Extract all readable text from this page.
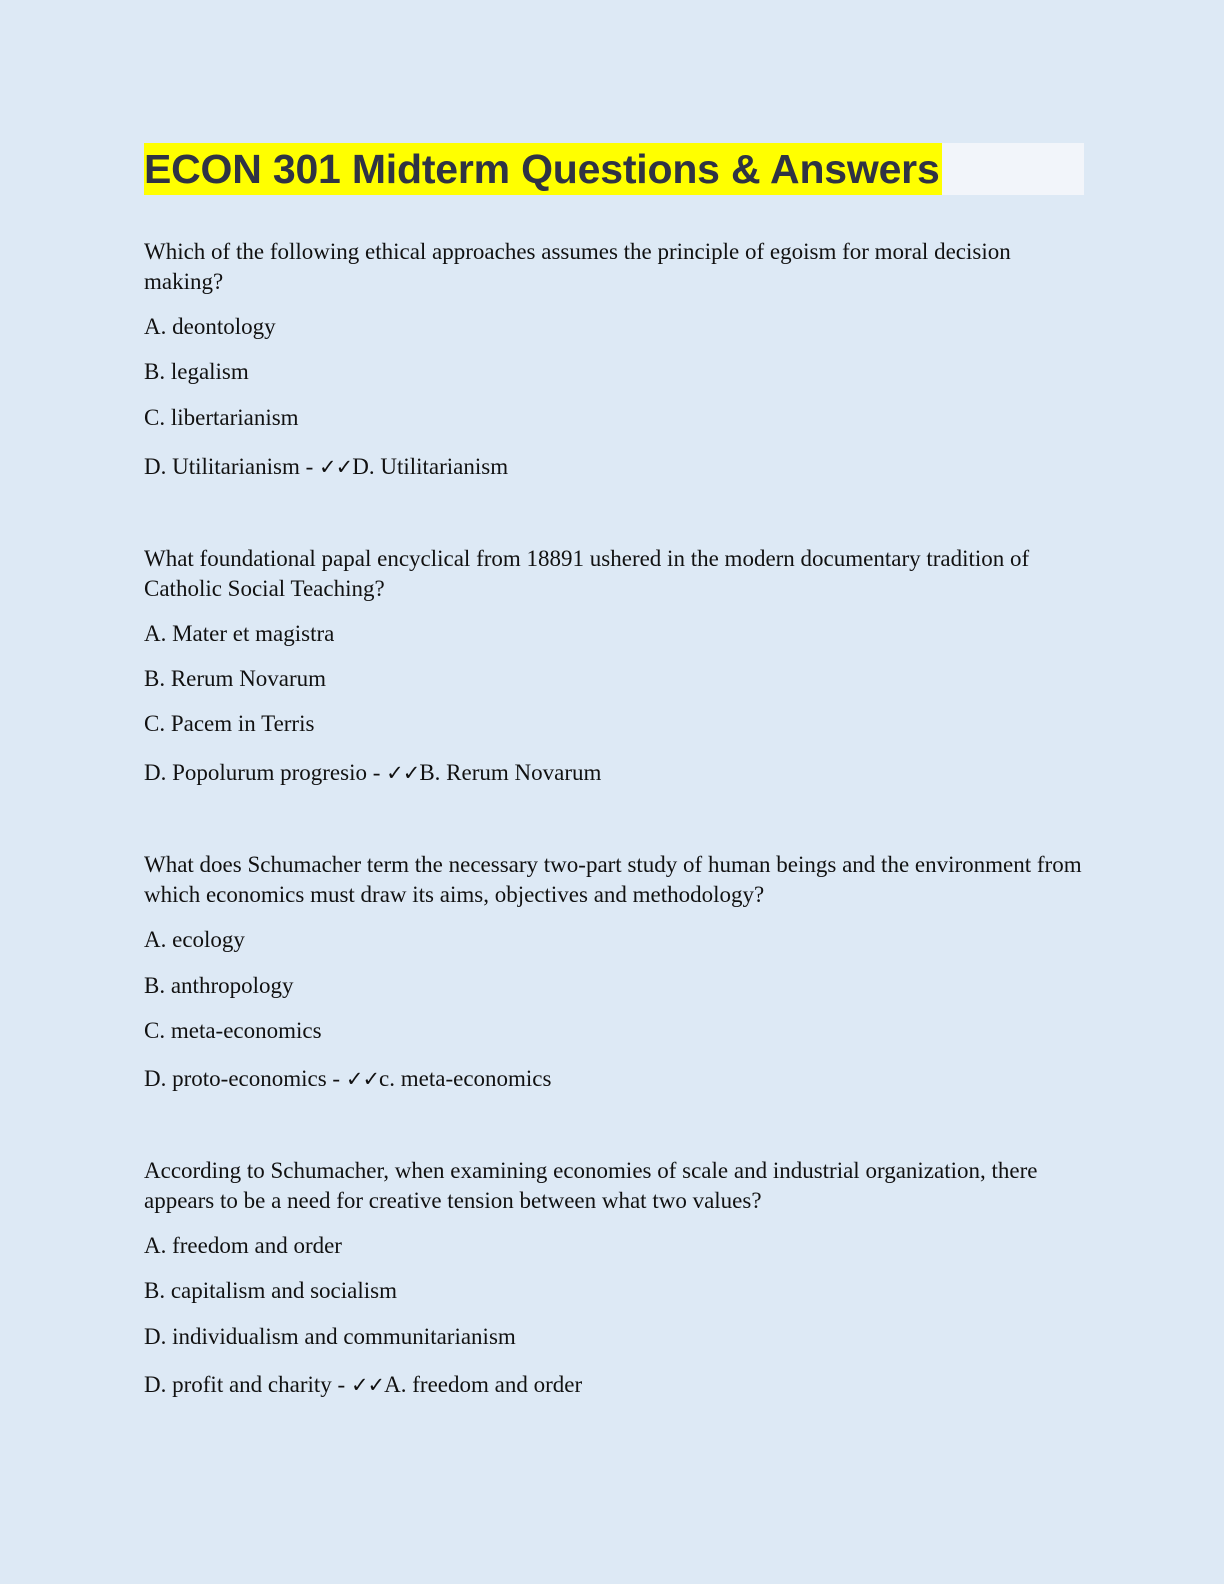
ECON 301 Midterm Questions & Answers

Which of the following ethical approaches assumes the principle of egoism for moral decision making?

A. deontology

B. legalism

C. libertarianism

D. Utilitarianism - ✓✓D. Utilitarianism

What foundational papal encyclical from 18891 ushered in the modern documentary tradition of Catholic Social Teaching?

A. Mater et magistra

B. Rerum Novarum

C. Pacem in Terris

D. Popolurum progresio - ✓✓B. Rerum Novarum

What does Schumacher term the necessary two-part study of human beings and the environment from which economics must draw its aims, objectives and methodology?

A. ecology

B. anthropology

C. meta-economics

D. proto-economics - ✓✓c. meta-economics

According to Schumacher, when examining economies of scale and industrial organization, there appears to be a need for creative tension between what two values?

A. freedom and order

B. capitalism and socialism

D. individualism and communitarianism

D. profit and charity - ✓✓A. freedom and order
